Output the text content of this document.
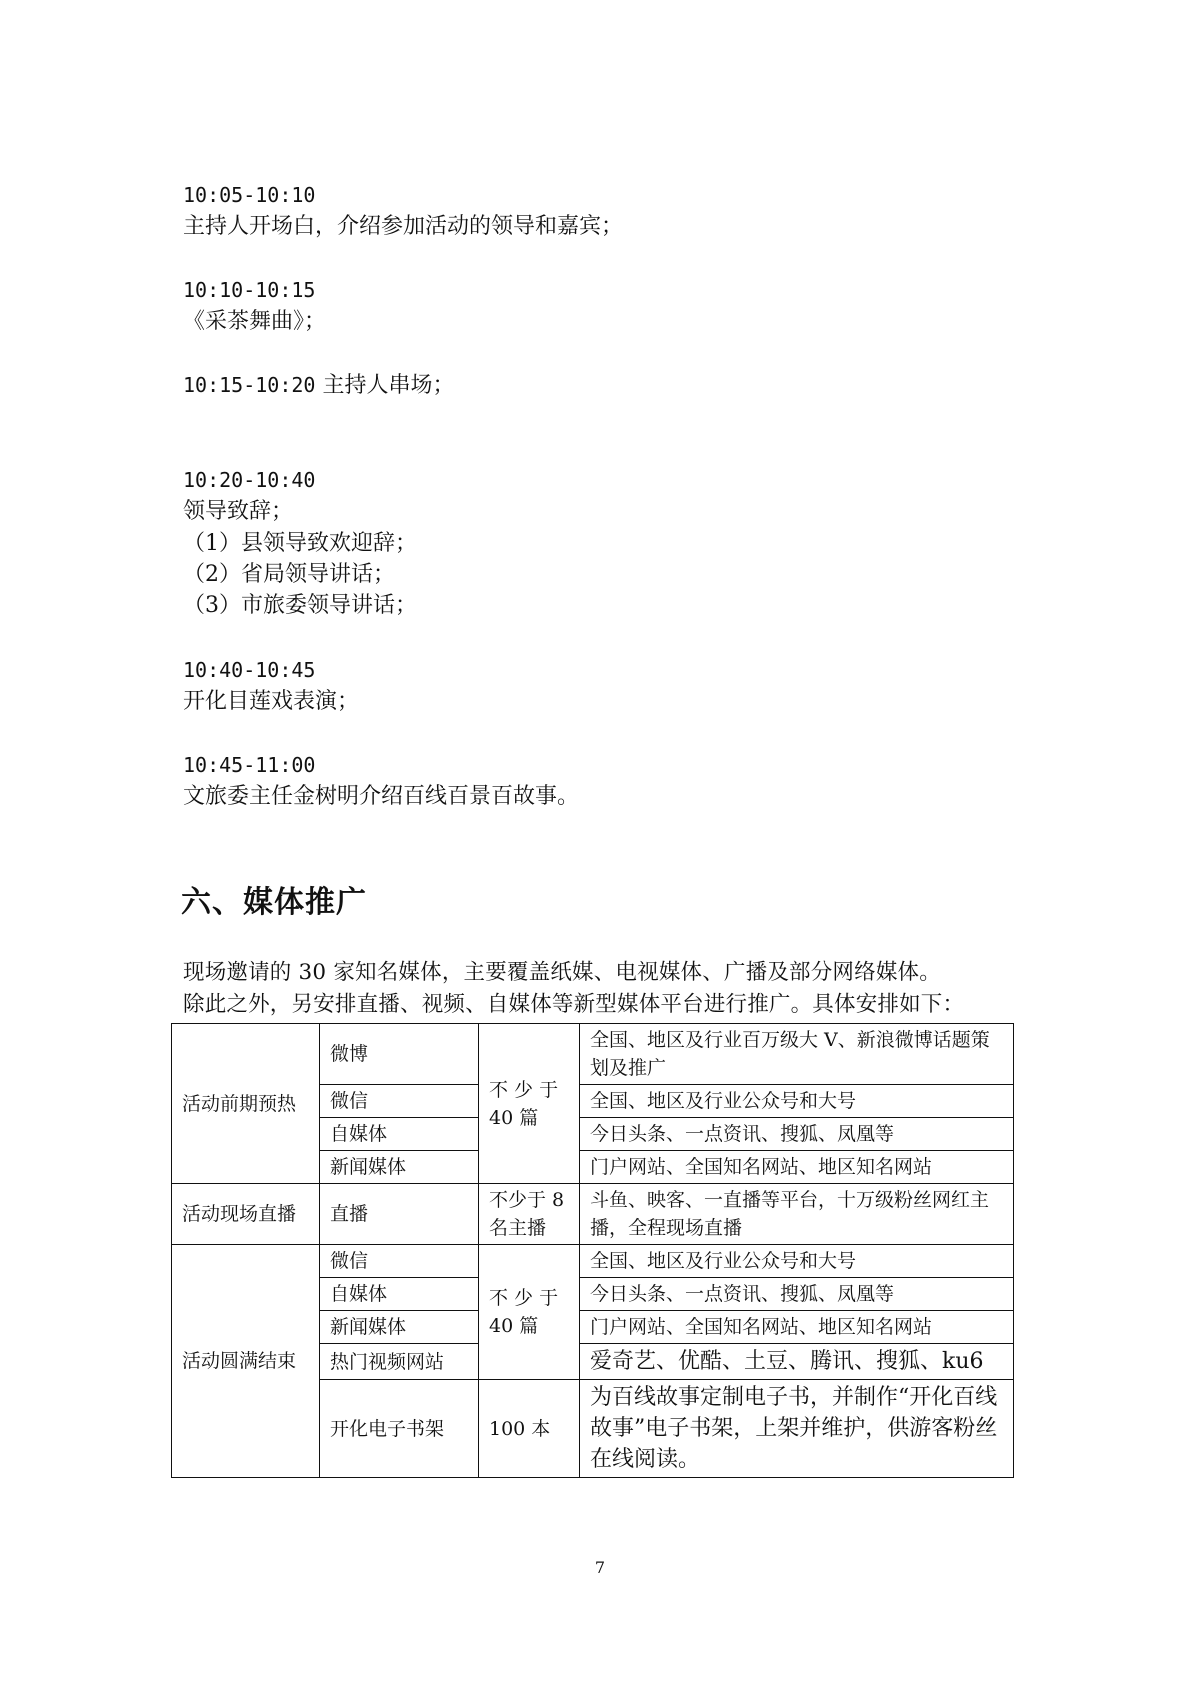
10:05-10:10
主持人开场白，介绍参加活动的领导和嘉宾；
10:10-10:15
《采茶舞曲》；
10:15-10:20 主持人串场；
10:20-10:40
领导致辞；
（1）县领导致欢迎辞；
（2）省局领导讲话；
（3）市旅委领导讲话；
10:40-10:45
开化目莲戏表演；
10:45-11:00
文旅委主任金树明介绍百线百景百故事。
六、媒体推广
现场邀请的 30 家知名媒体，主要覆盖纸媒、电视媒体、广播及部分网络媒体。
除此之外，另安排直播、视频、自媒体等新型媒体平台进行推广。具体安排如下：
活动前期预热	微博	不 少 于 40 篇	全国、地区及行业百万级大 V、新浪微博话题策划及推广
	微信		全国、地区及行业公众号和大号
	自媒体		今日头条、一点资讯、搜狐、凤凰等
	新闻媒体		门户网站、全国知名网站、地区知名网站
活动现场直播	直播	不少于 8 名主播	斗鱼、映客、一直播等平台，十万级粉丝网红主播，全程现场直播
活动圆满结束	微信	不 少 于 40 篇	全国、地区及行业公众号和大号
	自媒体		今日头条、一点资讯、搜狐、凤凰等
	新闻媒体		门户网站、全国知名网站、地区知名网站
	热门视频网站		爱奇艺、优酷、土豆、腾讯、搜狐、ku6
	开化电子书架	100 本	为百线故事定制电子书，并制作“开化百线故事”电子书架，上架并维护，供游客粉丝在线阅读。
7
